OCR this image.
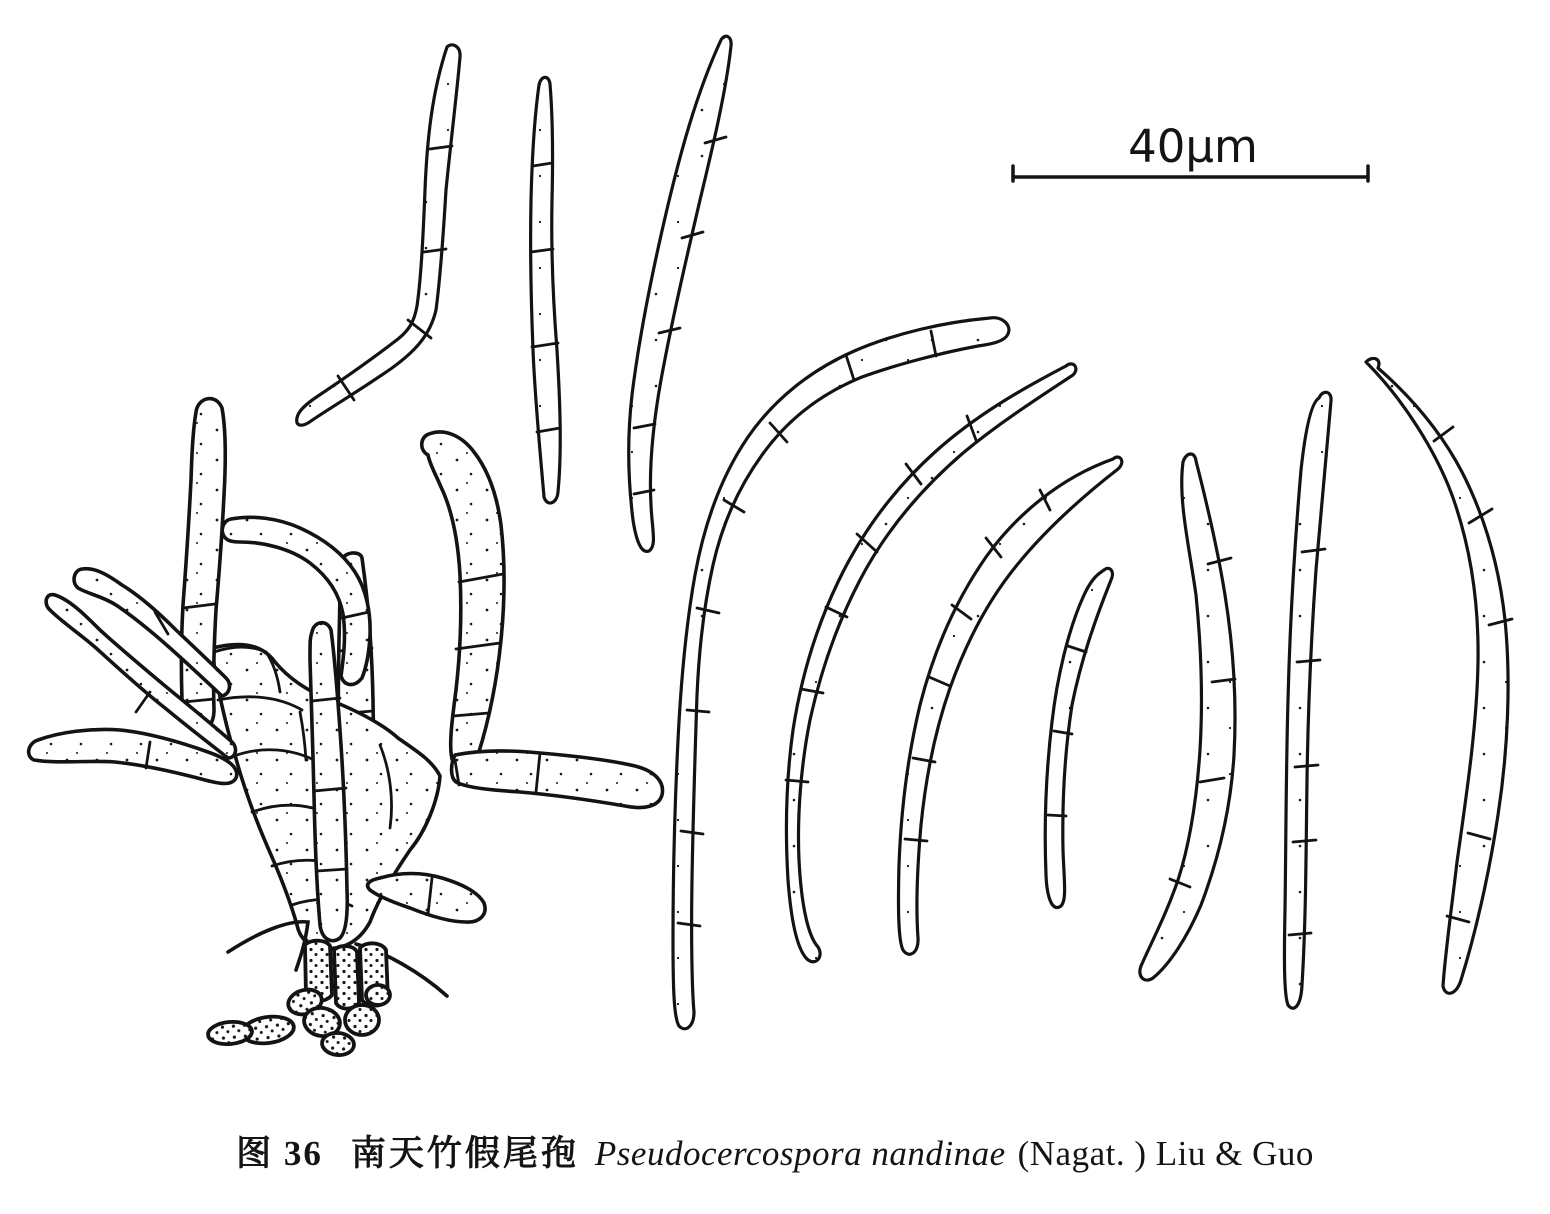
40μm
图 36 南天竹假尾孢 Pseudocercospora nandinae (Nagat. ) Liu & Guo
